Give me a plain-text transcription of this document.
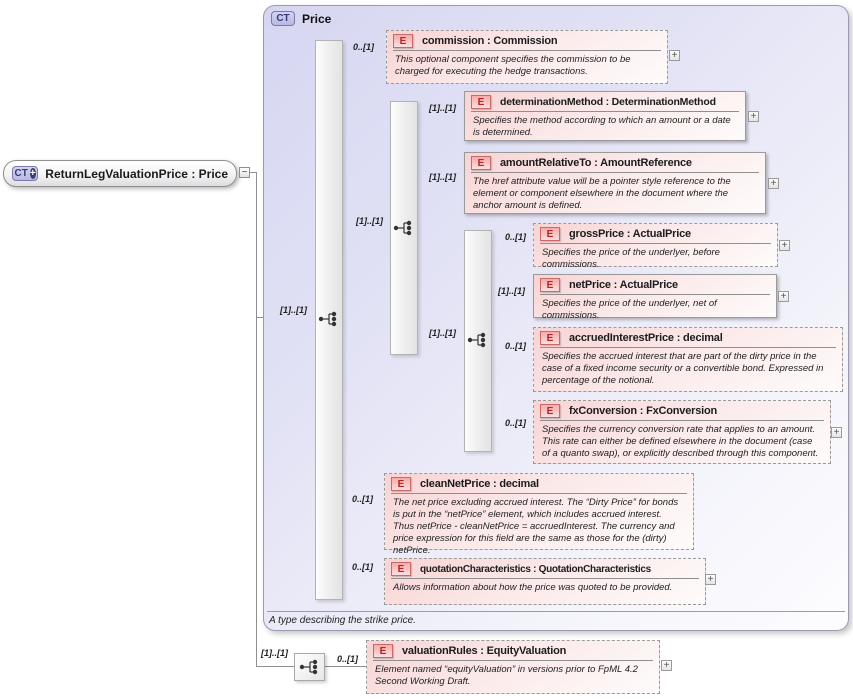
CT	Price
A type describing the strike price.
CT + ReturnLegValuationPrice : Price −
[1]..[1]
[1]..[1]
[1]..[1]
[1]..[1]
0..[1]
[1]..[1]
[1]..[1]
0..[1]
[1]..[1]
0..[1]
0..[1]
0..[1]
0..[1]
0..[1]
E	commission : Commission
This optional component specifies the commission to be charged for executing the hedge transactions.
+
E	determinationMethod : DeterminationMethod
Specifies the method according to which an amount or a date is determined.
+
E	amountRelativeTo : AmountReference
The href attribute value will be a pointer style reference to the element or component elsewhere in the document where the anchor amount is defined.
+
E	grossPrice : ActualPrice
Specifies the price of the underlyer, before commissions.
+
E	netPrice : ActualPrice
Specifies the price of the underlyer, net of commissions.
+
E	accruedInterestPrice : decimal
Specifies the accrued interest that are part of the dirty price in the case of a fixed income security or a convertible bond. Expressed in percentage of the notional.
E	fxConversion : FxConversion
Specifies the currency conversion rate that applies to an amount. This rate can either be defined elsewhere in the document (case of a quanto swap), or explicitly described through this component.
+
E	cleanNetPrice : decimal
The net price excluding accrued interest. The “Dirty Price” for bonds is put in the “netPrice” element, which includes accrued interest. Thus netPrice - cleanNetPrice = accruedInterest. The currency and price expression for this field are the same as those for the (dirty) netPrice.
E	quotationCharacteristics : QuotationCharacteristics
Allows information about how the price was quoted to be provided.
+
E	valuationRules : EquityValuation
Element named “equityValuation” in versions prior to FpML 4.2 Second Working Draft.
+
